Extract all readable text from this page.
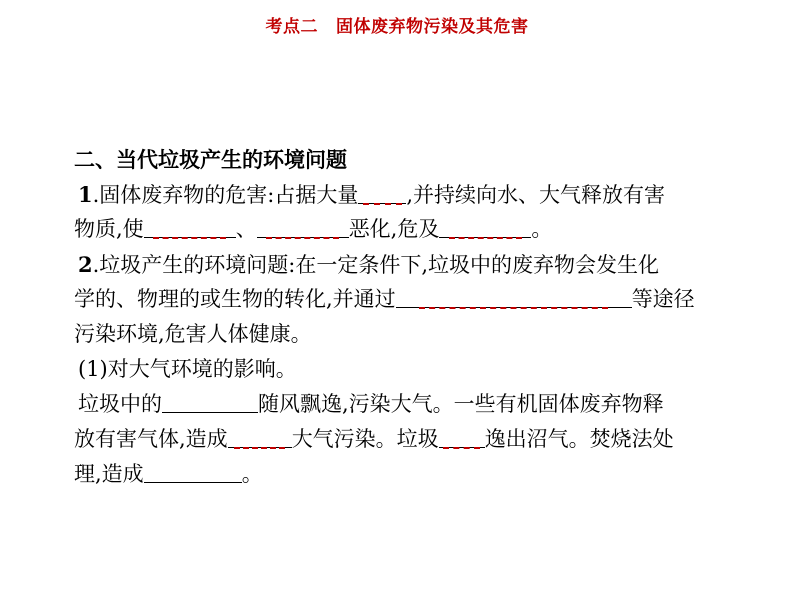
考点二 固体废弃物污染及其危害
二、当代垃圾产生的环境问题
1.固体废弃物的危害:占据大量 ,并持续向水、大气释放有害
物质,使	、	恶化,危及	。
2.垃圾产生的环境问题:在一定条件下,垃圾中的废弃物会发生化
学的、物理的或生物的转化,并通过	等途径
污染环境,危害人体健康。
(1)对大气环境的影响。
垃圾中的	随风飘逸,污染大气。一些有机固体废弃物释
放有害气体,造成	大气污染。垃圾 逸出沼气。焚烧法处
理,造成	。
